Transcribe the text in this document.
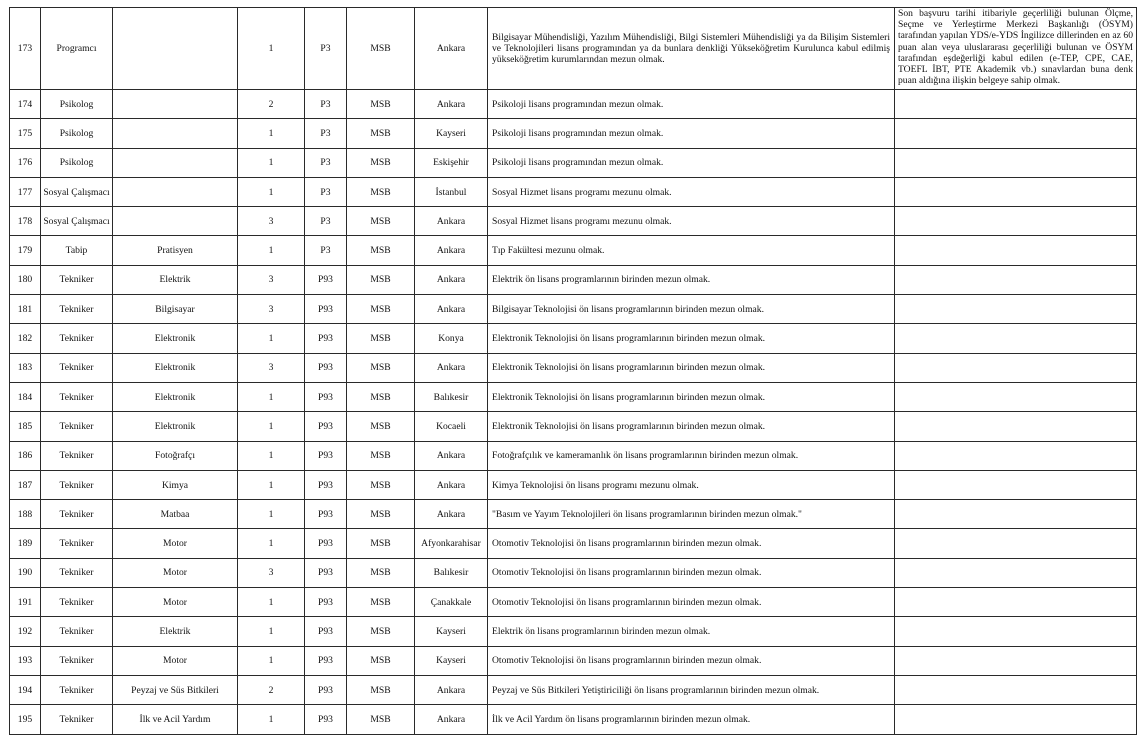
173	Programcı		1	P3	MSB	Ankara	Bilgisayar Mühendisliği, Yazılım Mühendisliği, Bilgi Sistemleri Mühendisliği ya da Bilişim Sistemleri ve Teknolojileri lisans programından ya da bunlara denkliği Yükseköğretim Kurulunca kabul edilmiş yükseköğretim kurumlarından mezun olmak.	Son başvuru tarihi itibariyle geçerliliği bulunan Ölçme, Seçme ve Yerleştirme Merkezi Başkanlığı (ÖSYM) tarafından yapılan YDS/e-YDS İngilizce dillerinden en az 60 puan alan veya uluslararası geçerliliği bulunan ve ÖSYM tarafından eşdeğerliği kabul edilen (e-TEP, CPE, CAE, TOEFL İBT, PTE Akademik vb.) sınavlardan buna denk puan aldığına ilişkin belgeye sahip olmak.
174	Psikolog		2	P3	MSB	Ankara	Psikoloji lisans programından mezun olmak.	
175	Psikolog		1	P3	MSB	Kayseri	Psikoloji lisans programından mezun olmak.	
176	Psikolog		1	P3	MSB	Eskişehir	Psikoloji lisans programından mezun olmak.	
177	Sosyal Çalışmacı		1	P3	MSB	İstanbul	Sosyal Hizmet lisans programı mezunu olmak.	
178	Sosyal Çalışmacı		3	P3	MSB	Ankara	Sosyal Hizmet lisans programı mezunu olmak.	
179	Tabip	Pratisyen	1	P3	MSB	Ankara	Tıp Fakültesi mezunu olmak.	
180	Tekniker	Elektrik	3	P93	MSB	Ankara	Elektrik ön lisans programlarının birinden mezun olmak.	
181	Tekniker	Bilgisayar	3	P93	MSB	Ankara	Bilgisayar Teknolojisi ön lisans programlarının birinden mezun olmak.	
182	Tekniker	Elektronik	1	P93	MSB	Konya	Elektronik Teknolojisi ön lisans programlarının birinden mezun olmak.	
183	Tekniker	Elektronik	3	P93	MSB	Ankara	Elektronik Teknolojisi ön lisans programlarının birinden mezun olmak.	
184	Tekniker	Elektronik	1	P93	MSB	Balıkesir	Elektronik Teknolojisi ön lisans programlarının birinden mezun olmak.	
185	Tekniker	Elektronik	1	P93	MSB	Kocaeli	Elektronik Teknolojisi ön lisans programlarının birinden mezun olmak.	
186	Tekniker	Fotoğrafçı	1	P93	MSB	Ankara	Fotoğrafçılık ve kameramanlık ön lisans programlarının birinden mezun olmak.	
187	Tekniker	Kimya	1	P93	MSB	Ankara	Kimya Teknolojisi ön lisans programı mezunu olmak.	
188	Tekniker	Matbaa	1	P93	MSB	Ankara	"Basım ve Yayım Teknolojileri ön lisans programlarının birinden mezun olmak."	
189	Tekniker	Motor	1	P93	MSB	Afyonkarahisar	Otomotiv Teknolojisi ön lisans programlarının birinden mezun olmak.	
190	Tekniker	Motor	3	P93	MSB	Balıkesir	Otomotiv Teknolojisi ön lisans programlarının birinden mezun olmak.	
191	Tekniker	Motor	1	P93	MSB	Çanakkale	Otomotiv Teknolojisi ön lisans programlarının birinden mezun olmak.	
192	Tekniker	Elektrik	1	P93	MSB	Kayseri	Elektrik ön lisans programlarının birinden mezun olmak.	
193	Tekniker	Motor	1	P93	MSB	Kayseri	Otomotiv Teknolojisi ön lisans programlarının birinden mezun olmak.	
194	Tekniker	Peyzaj ve Süs Bitkileri	2	P93	MSB	Ankara	Peyzaj ve Süs Bitkileri Yetiştiriciliği ön lisans programlarının birinden mezun olmak.	
195	Tekniker	İlk ve Acil Yardım	1	P93	MSB	Ankara	İlk ve Acil Yardım ön lisans programlarının birinden mezun olmak.	
